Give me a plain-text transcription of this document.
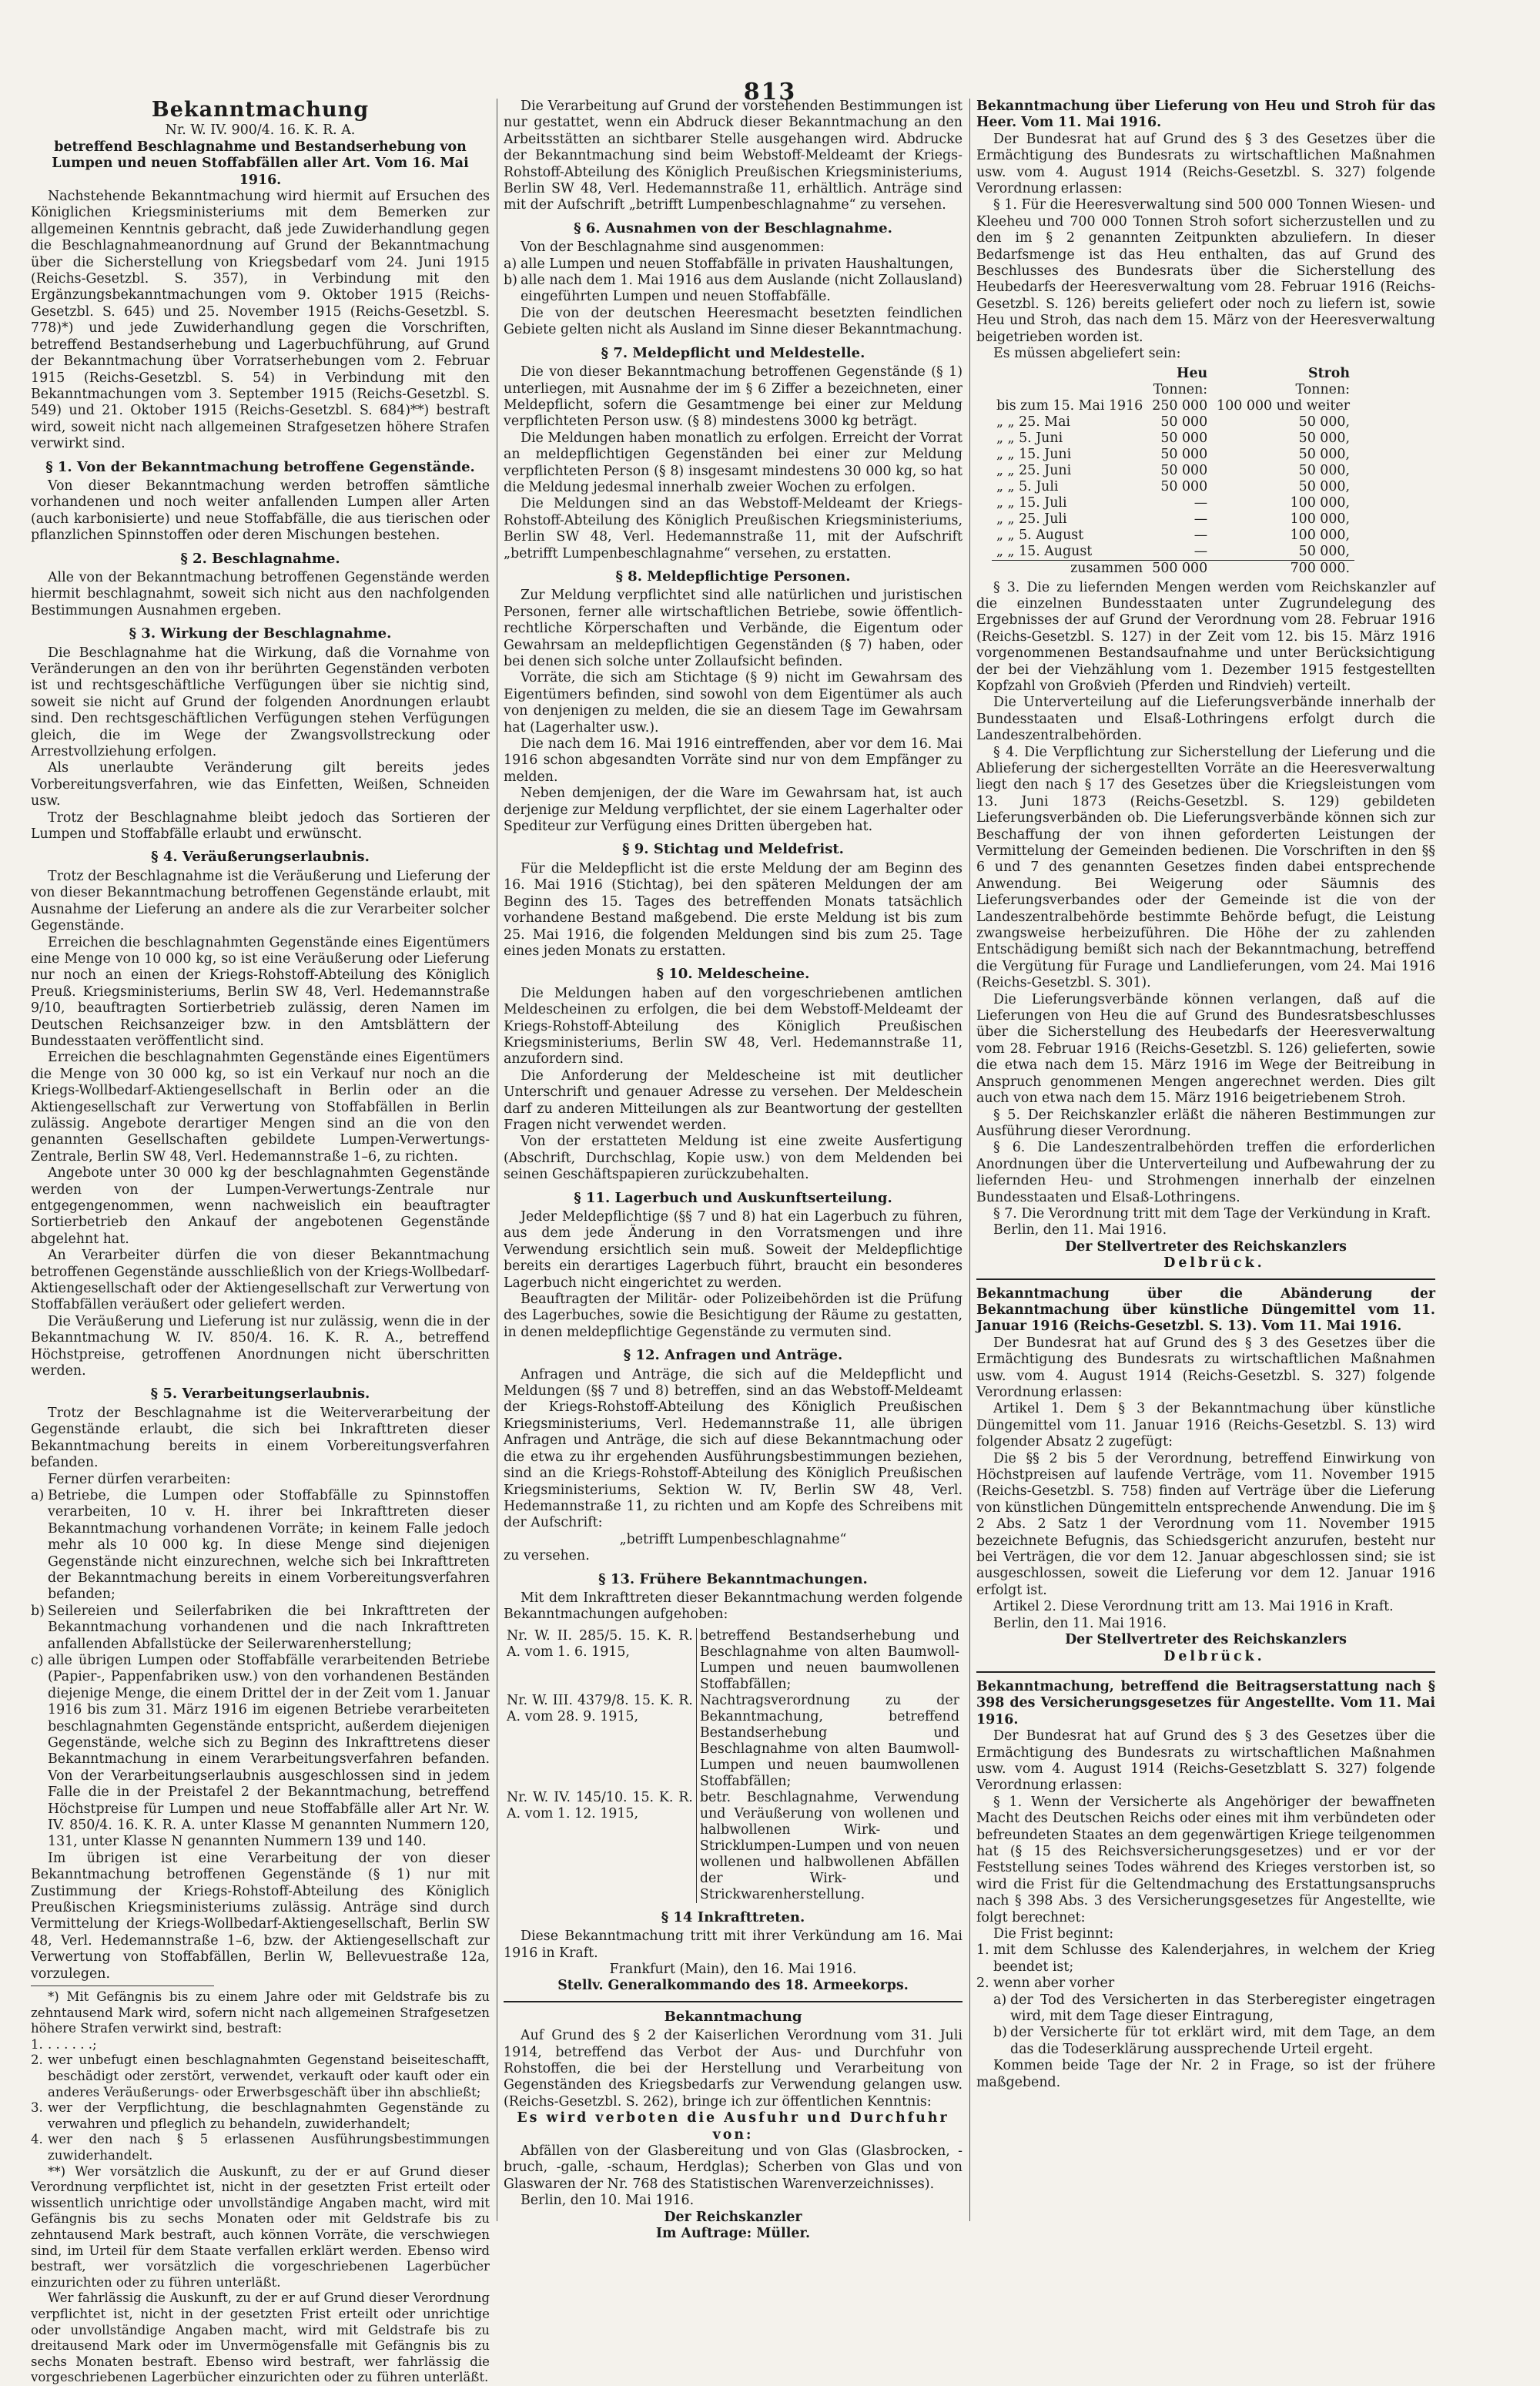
813
Bekanntmachung

Nr. W. IV. 900/4. 16. K. R. A.

betreffend Beschlagnahme und Bestandserhebung von Lumpen und neuen Stoffabfällen aller Art. Vom 16. Mai 1916.

Nachstehende Bekanntmachung wird hiermit auf Ersuchen des Königlichen Kriegsministeriums mit dem Bemerken zur allgemeinen Kenntnis gebracht, daß jede Zuwiderhandlung gegen die Beschlagnahmeanordnung auf Grund der Bekanntmachung über die Sicherstellung von Kriegsbedarf vom 24. Juni 1915 (Reichs-Gesetzbl. S. 357), in Verbindung mit den Ergänzungsbekanntmachungen vom 9. Oktober 1915 (Reichs-Gesetzbl. S. 645) und 25. November 1915 (Reichs-Gesetzbl. S. 778)*) und jede Zuwiderhandlung gegen die Vorschriften, betreffend Bestandserhebung und Lagerbuchführung, auf Grund der Bekanntmachung über Vorratserhebungen vom 2. Februar 1915 (Reichs-Gesetzbl. S. 54) in Verbindung mit den Bekanntmachungen vom 3. September 1915 (Reichs-Gesetzbl. S. 549) und 21. Oktober 1915 (Reichs-Gesetzbl. S. 684)**) bestraft wird, soweit nicht nach allgemeinen Strafgesetzen höhere Strafen verwirkt sind.

§ 1. Von der Bekanntmachung betroffene Gegenstände.

Von dieser Bekanntmachung werden betroffen sämtliche vorhandenen und noch weiter anfallenden Lumpen aller Arten (auch karbonisierte) und neue Stoffabfälle, die aus tierischen oder pflanzlichen Spinnstoffen oder deren Mischungen bestehen.

§ 2. Beschlagnahme.

Alle von der Bekanntmachung betroffenen Gegenstände werden hiermit beschlagnahmt, soweit sich nicht aus den nachfolgenden Bestimmungen Ausnahmen ergeben.

§ 3. Wirkung der Beschlagnahme.

Die Beschlagnahme hat die Wirkung, daß die Vornahme von Veränderungen an den von ihr berührten Gegenständen verboten ist und rechtsgeschäftliche Verfügungen über sie nichtig sind, soweit sie nicht auf Grund der folgenden Anordnungen erlaubt sind. Den rechtsgeschäftlichen Verfügungen stehen Verfügungen gleich, die im Wege der Zwangsvollstreckung oder Arrestvollziehung erfolgen.

Als unerlaubte Veränderung gilt bereits jedes Vorbereitungsverfahren, wie das Einfetten, Weißen, Schneiden usw.

Trotz der Beschlagnahme bleibt jedoch das Sortieren der Lumpen und Stoffabfälle erlaubt und erwünscht.

§ 4. Veräußerungserlaubnis.

Trotz der Beschlagnahme ist die Veräußerung und Lieferung der von dieser Bekanntmachung betroffenen Gegenstände erlaubt, mit Ausnahme der Lieferung an andere als die zur Verarbeiter solcher Gegenstände.

Erreichen die beschlagnahmten Gegenstände eines Eigentümers eine Menge von 10 000 kg, so ist eine Veräußerung oder Lieferung nur noch an einen der Kriegs-Rohstoff-Abteilung des Königlich Preuß. Kriegsministeriums, Berlin SW 48, Verl. Hedemannstraße 9/10, beauftragten Sortierbetrieb zulässig, deren Namen im Deutschen Reichsanzeiger bzw. in den Amtsblättern der Bundesstaaten veröffentlicht sind.

Erreichen die beschlagnahmten Gegenstände eines Eigentümers die Menge von 30 000 kg, so ist ein Verkauf nur noch an die Kriegs-Wollbedarf-Aktiengesellschaft in Berlin oder an die Aktiengesellschaft zur Verwertung von Stoffabfällen in Berlin zulässig. Angebote derartiger Mengen sind an die von den genannten Gesellschaften gebildete Lumpen-Verwertungs-Zentrale, Berlin SW 48, Verl. Hedemannstraße 1–6, zu richten.

Angebote unter 30 000 kg der beschlagnahmten Gegenstände werden von der Lumpen-Verwertungs-Zentrale nur entgegengenommen, wenn nachweislich ein beauftragter Sortierbetrieb den Ankauf der angebotenen Gegenstände abgelehnt hat.

An Verarbeiter dürfen die von dieser Bekanntmachung betroffenen Gegenstände ausschließlich von der Kriegs-Wollbedarf-Aktiengesellschaft oder der Aktiengesellschaft zur Verwertung von Stoffabfällen veräußert oder geliefert werden.

Die Veräußerung und Lieferung ist nur zulässig, wenn die in der Bekanntmachung W. IV. 850/4. 16. K. R. A., betreffend Höchstpreise, getroffenen Anordnungen nicht überschritten werden.

§ 5. Verarbeitungserlaubnis.

Trotz der Beschlagnahme ist die Weiterverarbeitung der Gegenstände erlaubt, die sich bei Inkrafttreten dieser Bekanntmachung bereits in einem Vorbereitungsverfahren befanden.

Ferner dürfen verarbeiten:

a) Betriebe, die Lumpen oder Stoffabfälle zu Spinnstoffen verarbeiten, 10 v. H. ihrer bei Inkrafttreten dieser Bekanntmachung vorhandenen Vorräte; in keinem Falle jedoch mehr als 10 000 kg. In diese Menge sind diejenigen Gegenstände nicht einzurechnen, welche sich bei Inkrafttreten der Bekanntmachung bereits in einem Vorbereitungsverfahren befanden;

b) Seilereien und Seilerfabriken die bei Inkrafttreten der Bekanntmachung vorhandenen und die nach Inkrafttreten anfallenden Abfallstücke der Seilerwarenherstellung;

c) alle übrigen Lumpen oder Stoffabfälle verarbeitenden Betriebe (Papier-, Pappenfabriken usw.) von den vorhandenen Beständen diejenige Menge, die einem Drittel der in der Zeit vom 1. Januar 1916 bis zum 31. März 1916 im eigenen Betriebe verarbeiteten beschlagnahmten Gegenstände entspricht, außerdem diejenigen Gegenstände, welche sich zu Beginn des Inkrafttretens dieser Bekanntmachung in einem Verarbeitungsverfahren befanden. Von der Verarbeitungserlaubnis ausgeschlossen sind in jedem Falle die in der Preistafel 2 der Bekanntmachung, betreffend Höchstpreise für Lumpen und neue Stoffabfälle aller Art Nr. W. IV. 850/4. 16. K. R. A. unter Klasse M genannten Nummern 120, 131, unter Klasse N genannten Nummern 139 und 140.

Im übrigen ist eine Verarbeitung der von dieser Bekanntmachung betroffenen Gegenstände (§ 1) nur mit Zustimmung der Kriegs-Rohstoff-Abteilung des Königlich Preußischen Kriegsministeriums zulässig. Anträge sind durch Vermittelung der Kriegs-Wollbedarf-Aktiengesellschaft, Berlin SW 48, Verl. Hedemannstraße 1–6, bzw. der Aktiengesellschaft zur Verwertung von Stoffabfällen, Berlin W, Bellevuestraße 12a, vorzulegen.

*) Mit Gefängnis bis zu einem Jahre oder mit Geldstrafe bis zu zehntausend Mark wird, sofern nicht nach allgemeinen Strafgesetzen höhere Strafen verwirkt sind, bestraft:

1. . . . . . .;

2. wer unbefugt einen beschlagnahmten Gegenstand beiseiteschafft, beschädigt oder zerstört, verwendet, verkauft oder kauft oder ein anderes Veräußerungs- oder Erwerbsgeschäft über ihn abschließt;

3. wer der Verpflichtung, die beschlagnahmten Gegenstände zu verwahren und pfleglich zu behandeln, zuwiderhandelt;

4. wer den nach § 5 erlassenen Ausführungsbestimmungen zuwiderhandelt.

**) Wer vorsätzlich die Auskunft, zu der er auf Grund dieser Verordnung verpflichtet ist, nicht in der gesetzten Frist erteilt oder wissentlich unrichtige oder unvollständige Angaben macht, wird mit Gefängnis bis zu sechs Monaten oder mit Geldstrafe bis zu zehntausend Mark bestraft, auch können Vorräte, die verschwiegen sind, im Urteil für dem Staate verfallen erklärt werden. Ebenso wird bestraft, wer vorsätzlich die vorgeschriebenen Lagerbücher einzurichten oder zu führen unterläßt.

Wer fahrlässig die Auskunft, zu der er auf Grund dieser Verordnung verpflichtet ist, nicht in der gesetzten Frist erteilt oder unrichtige oder unvollständige Angaben macht, wird mit Geldstrafe bis zu dreitausend Mark oder im Unvermögensfalle mit Gefängnis bis zu sechs Monaten bestraft. Ebenso wird bestraft, wer fahrlässig die vorgeschriebenen Lagerbücher einzurichten oder zu führen unterläßt.

Die Verarbeitung auf Grund der vorstehenden Bestimmungen ist nur gestattet, wenn ein Abdruck dieser Bekanntmachung an den Arbeitsstätten an sichtbarer Stelle ausgehangen wird. Abdrucke der Bekanntmachung sind beim Webstoff-Meldeamt der Kriegs-Rohstoff-Abteilung des Königlich Preußischen Kriegsministeriums, Berlin SW 48, Verl. Hedemannstraße 11, erhältlich. Anträge sind mit der Aufschrift „betrifft Lumpenbeschlagnahme“ zu versehen.

§ 6. Ausnahmen von der Beschlagnahme.

Von der Beschlagnahme sind ausgenommen:

a) alle Lumpen und neuen Stoffabfälle in privaten Haushaltungen,

b) alle nach dem 1. Mai 1916 aus dem Auslande (nicht Zollausland) eingeführten Lumpen und neuen Stoffabfälle.

Die von der deutschen Heeresmacht besetzten feindlichen Gebiete gelten nicht als Ausland im Sinne dieser Bekanntmachung.

§ 7. Meldepflicht und Meldestelle.

Die von dieser Bekanntmachung betroffenen Gegenstände (§ 1) unterliegen, mit Ausnahme der im § 6 Ziffer a bezeichneten, einer Meldepflicht, sofern die Gesamtmenge bei einer zur Meldung verpflichteten Person usw. (§ 8) mindestens 3000 kg beträgt.

Die Meldungen haben monatlich zu erfolgen. Erreicht der Vorrat an meldepflichtigen Gegenständen bei einer zur Meldung verpflichteten Person (§ 8) insgesamt mindestens 30 000 kg, so hat die Meldung jedesmal innerhalb zweier Wochen zu erfolgen.

Die Meldungen sind an das Webstoff-Meldeamt der Kriegs-Rohstoff-Abteilung des Königlich Preußischen Kriegsministeriums, Berlin SW 48, Verl. Hedemannstraße 11, mit der Aufschrift „betrifft Lumpenbeschlagnahme“ versehen, zu erstatten.

§ 8. Meldepflichtige Personen.

Zur Meldung verpflichtet sind alle natürlichen und juristischen Personen, ferner alle wirtschaftlichen Betriebe, sowie öffentlich-rechtliche Körperschaften und Verbände, die Eigentum oder Gewahrsam an meldepflichtigen Gegenständen (§ 7) haben, oder bei denen sich solche unter Zollaufsicht befinden.

Vorräte, die sich am Stichtage (§ 9) nicht im Gewahrsam des Eigentümers befinden, sind sowohl von dem Eigentümer als auch von denjenigen zu melden, die sie an diesem Tage im Gewahrsam hat (Lagerhalter usw.).

Die nach dem 16. Mai 1916 eintreffenden, aber vor dem 16. Mai 1916 schon abgesandten Vorräte sind nur von dem Empfänger zu melden.

Neben demjenigen, der die Ware im Gewahrsam hat, ist auch derjenige zur Meldung verpflichtet, der sie einem Lagerhalter oder Spediteur zur Verfügung eines Dritten übergeben hat.

§ 9. Stichtag und Meldefrist.

Für die Meldepflicht ist die erste Meldung der am Beginn des 16. Mai 1916 (Stichtag), bei den späteren Meldungen der am Beginn des 15. Tages des betreffenden Monats tatsächlich vorhandene Bestand maßgebend. Die erste Meldung ist bis zum 25. Mai 1916, die folgenden Meldungen sind bis zum 25. Tage eines jeden Monats zu erstatten.

§ 10. Meldescheine.

Die Meldungen haben auf den vorgeschriebenen amtlichen Meldescheinen zu erfolgen, die bei dem Webstoff-Meldeamt der Kriegs-Rohstoff-Abteilung des Königlich Preußischen Kriegsministeriums, Berlin SW 48, Verl. Hedemannstraße 11, anzufordern sind.

Die Anforderung der Meldescheine ist mit deutlicher Unterschrift und genauer Adresse zu versehen. Der Meldeschein darf zu anderen Mitteilungen als zur Beantwortung der gestellten Fragen nicht verwendet werden.

Von der erstatteten Meldung ist eine zweite Ausfertigung (Abschrift, Durchschlag, Kopie usw.) von dem Meldenden bei seinen Geschäftspapieren zurückzubehalten.

§ 11. Lagerbuch und Auskunftserteilung.

Jeder Meldepflichtige (§§ 7 und 8) hat ein Lagerbuch zu führen, aus dem jede Änderung in den Vorratsmengen und ihre Verwendung ersichtlich sein muß. Soweit der Meldepflichtige bereits ein derartiges Lagerbuch führt, braucht ein besonderes Lagerbuch nicht eingerichtet zu werden.

Beauftragten der Militär- oder Polizeibehörden ist die Prüfung des Lagerbuches, sowie die Besichtigung der Räume zu gestatten, in denen meldepflichtige Gegenstände zu vermuten sind.

§ 12. Anfragen und Anträge.

Anfragen und Anträge, die sich auf die Meldepflicht und Meldungen (§§ 7 und 8) betreffen, sind an das Webstoff-Meldeamt der Kriegs-Rohstoff-Abteilung des Königlich Preußischen Kriegsministeriums, Verl. Hedemannstraße 11, alle übrigen Anfragen und Anträge, die sich auf diese Bekanntmachung oder die etwa zu ihr ergehenden Ausführungsbestimmungen beziehen, sind an die Kriegs-Rohstoff-Abteilung des Königlich Preußischen Kriegsministeriums, Sektion W. IV, Berlin SW 48, Verl. Hedemannstraße 11, zu richten und am Kopfe des Schreibens mit der Aufschrift:

„betrifft Lumpenbeschlagnahme“

zu versehen.

§ 13. Frühere Bekanntmachungen.

Mit dem Inkrafttreten dieser Bekanntmachung werden folgende Bekanntmachungen aufgehoben:

Nr. W. II. 285/5. 15. K. R. A. vom 1. 6. 1915,	betreffend Bestandserhebung und Beschlagnahme von alten Baumwoll-Lumpen und neuen baumwollenen Stoffabfällen;
Nr. W. III. 4379/8. 15. K. R. A. vom 28. 9. 1915,	Nachtragsverordnung zu der Bekanntmachung, betreffend Bestandserhebung und Beschlagnahme von alten Baumwoll-Lumpen und neuen baumwollenen Stoffabfällen;
Nr. W. IV. 145/10. 15. K. R. A. vom 1. 12. 1915,	betr. Beschlagnahme, Verwendung und Veräußerung von wollenen und halbwollenen Wirk- und Stricklumpen-Lumpen und von neuen wollenen und halbwollenen Abfällen der Wirk- und Strickwarenherstellung.

§ 14 Inkrafttreten.

Diese Bekanntmachung tritt mit ihrer Verkündung am 16. Mai 1916 in Kraft.

Frankfurt (Main), den 16. Mai 1916.

Stellv. Generalkommando des 18. Armeekorps.

Bekanntmachung

Auf Grund des § 2 der Kaiserlichen Verordnung vom 31. Juli 1914, betreffend das Verbot der Aus- und Durchfuhr von Rohstoffen, die bei der Herstellung und Verarbeitung von Gegenständen des Kriegsbedarfs zur Verwendung gelangen usw. (Reichs-Gesetzbl. S. 262), bringe ich zur öffentlichen Kenntnis:

Es wird verboten die Ausfuhr und Durchfuhr von:

Abfällen von der Glasbereitung und von Glas (Glasbrocken, -bruch, -galle, -schaum, Herdglas); Scherben von Glas und von Glaswaren der Nr. 768 des Statistischen Warenverzeichnisses).

Berlin, den 10. Mai 1916.

Der Reichskanzler

Im Auftrage: Müller.

Bekanntmachung über Lieferung von Heu und Stroh für das Heer. Vom 11. Mai 1916.

Der Bundesrat hat auf Grund des § 3 des Gesetzes über die Ermächtigung des Bundesrats zu wirtschaftlichen Maßnahmen usw. vom 4. August 1914 (Reichs-Gesetzbl. S. 327) folgende Verordnung erlassen:

§ 1. Für die Heeresverwaltung sind 500 000 Tonnen Wiesen- und Kleeheu und 700 000 Tonnen Stroh sofort sicherzustellen und zu den im § 2 genannten Zeitpunkten abzuliefern. In dieser Bedarfsmenge ist das Heu enthalten, das auf Grund des Beschlusses des Bundesrats über die Sicherstellung des Heubedarfs der Heeresverwaltung vom 28. Februar 1916 (Reichs-Gesetzbl. S. 126) bereits geliefert oder noch zu liefern ist, sowie Heu und Stroh, das nach dem 15. März von der Heeresverwaltung beigetrieben worden ist.

Es müssen abgeliefert sein:

	Heu	Stroh
	Tonnen:	Tonnen:
bis zum 15. Mai 1916	250 000	100 000 und weiter
„ „ 25. Mai	50 000	50 000,
„ „ 5. Juni	50 000	50 000,
„ „ 15. Juni	50 000	50 000,
„ „ 25. Juni	50 000	50 000,
„ „ 5. Juli	50 000	50 000,
„ „ 15. Juli	—	100 000,
„ „ 25. Juli	—	100 000,
„ „ 5. August	—	100 000,
„ „ 15. August	—	50 000,
zusammen	500 000	700 000.

§ 3. Die zu liefernden Mengen werden vom Reichskanzler auf die einzelnen Bundesstaaten unter Zugrundelegung des Ergebnisses der auf Grund der Verordnung vom 28. Februar 1916 (Reichs-Gesetzbl. S. 127) in der Zeit vom 12. bis 15. März 1916 vorgenommenen Bestandsaufnahme und unter Berücksichtigung der bei der Viehzählung vom 1. Dezember 1915 festgestellten Kopfzahl von Großvieh (Pferden und Rindvieh) verteilt.

Die Unterverteilung auf die Lieferungsverbände innerhalb der Bundesstaaten und Elsaß-Lothringens erfolgt durch die Landeszentralbehörden.

§ 4. Die Verpflichtung zur Sicherstellung der Lieferung und die Ablieferung der sichergestellten Vorräte an die Heeresverwaltung liegt den nach § 17 des Gesetzes über die Kriegsleistungen vom 13. Juni 1873 (Reichs-Gesetzbl. S. 129) gebildeten Lieferungsverbänden ob. Die Lieferungsverbände können sich zur Beschaffung der von ihnen geforderten Leistungen der Vermittelung der Gemeinden bedienen. Die Vorschriften in den §§ 6 und 7 des genannten Gesetzes finden dabei entsprechende Anwendung. Bei Weigerung oder Säumnis des Lieferungsverbandes oder der Gemeinde ist die von der Landeszentralbehörde bestimmte Behörde befugt, die Leistung zwangsweise herbeizuführen. Die Höhe der zu zahlenden Entschädigung bemißt sich nach der Bekanntmachung, betreffend die Vergütung für Furage und Landlieferungen, vom 24. Mai 1916 (Reichs-Gesetzbl. S. 301).

Die Lieferungsverbände können verlangen, daß auf die Lieferungen von Heu die auf Grund des Bundesratsbeschlusses über die Sicherstellung des Heubedarfs der Heeresverwaltung vom 28. Februar 1916 (Reichs-Gesetzbl. S. 126) gelieferten, sowie die etwa nach dem 15. März 1916 im Wege der Beitreibung in Anspruch genommenen Mengen angerechnet werden. Dies gilt auch von etwa nach dem 15. März 1916 beigetriebenem Stroh.

§ 5. Der Reichskanzler erläßt die näheren Bestimmungen zur Ausführung dieser Verordnung.

§ 6. Die Landeszentralbehörden treffen die erforderlichen Anordnungen über die Unterverteilung und Aufbewahrung der zu liefernden Heu- und Strohmengen innerhalb der einzelnen Bundesstaaten und Elsaß-Lothringens.

§ 7. Die Verordnung tritt mit dem Tage der Verkündung in Kraft.

Berlin, den 11. Mai 1916.

Der Stellvertreter des Reichskanzlers

Delbrück.

Bekanntmachung über die Abänderung der Bekanntmachung über künstliche Düngemittel vom 11. Januar 1916 (Reichs-Gesetzbl. S. 13). Vom 11. Mai 1916.

Der Bundesrat hat auf Grund des § 3 des Gesetzes über die Ermächtigung des Bundesrats zu wirtschaftlichen Maßnahmen usw. vom 4. August 1914 (Reichs-Gesetzbl. S. 327) folgende Verordnung erlassen:

Artikel 1. Dem § 3 der Bekanntmachung über künstliche Düngemittel vom 11. Januar 1916 (Reichs-Gesetzbl. S. 13) wird folgender Absatz 2 zugefügt:

Die §§ 2 bis 5 der Verordnung, betreffend Einwirkung von Höchstpreisen auf laufende Verträge, vom 11. November 1915 (Reichs-Gesetzbl. S. 758) finden auf Verträge über die Lieferung von künstlichen Düngemitteln entsprechende Anwendung. Die im § 2 Abs. 2 Satz 1 der Verordnung vom 11. November 1915 bezeichnete Befugnis, das Schiedsgericht anzurufen, besteht nur bei Verträgen, die vor dem 12. Januar abgeschlossen sind; sie ist ausgeschlossen, soweit die Lieferung vor dem 12. Januar 1916 erfolgt ist.

Artikel 2. Diese Verordnung tritt am 13. Mai 1916 in Kraft.

Berlin, den 11. Mai 1916.

Der Stellvertreter des Reichskanzlers

Delbrück.

Bekanntmachung, betreffend die Beitragserstattung nach § 398 des Versicherungsgesetzes für Angestellte. Vom 11. Mai 1916.

Der Bundesrat hat auf Grund des § 3 des Gesetzes über die Ermächtigung des Bundesrats zu wirtschaftlichen Maßnahmen usw. vom 4. August 1914 (Reichs-Gesetzblatt S. 327) folgende Verordnung erlassen:

§ 1. Wenn der Versicherte als Angehöriger der bewaffneten Macht des Deutschen Reichs oder eines mit ihm verbündeten oder befreundeten Staates an dem gegenwärtigen Kriege teilgenommen hat (§ 15 des Reichsversicherungsgesetzes) und er vor der Feststellung seines Todes während des Krieges verstorben ist, so wird die Frist für die Geltendmachung des Erstattungsanspruchs nach § 398 Abs. 3 des Versicherungsgesetzes für Angestellte, wie folgt berechnet:

Die Frist beginnt:

1. mit dem Schlusse des Kalenderjahres, in welchem der Krieg beendet ist;

2. wenn aber vorher

a) der Tod des Versicherten in das Sterberegister eingetragen wird, mit dem Tage dieser Eintragung,

b) der Versicherte für tot erklärt wird, mit dem Tage, an dem das die Todeserklärung aussprechende Urteil ergeht.

Kommen beide Tage der Nr. 2 in Frage, so ist der frühere maßgebend.
